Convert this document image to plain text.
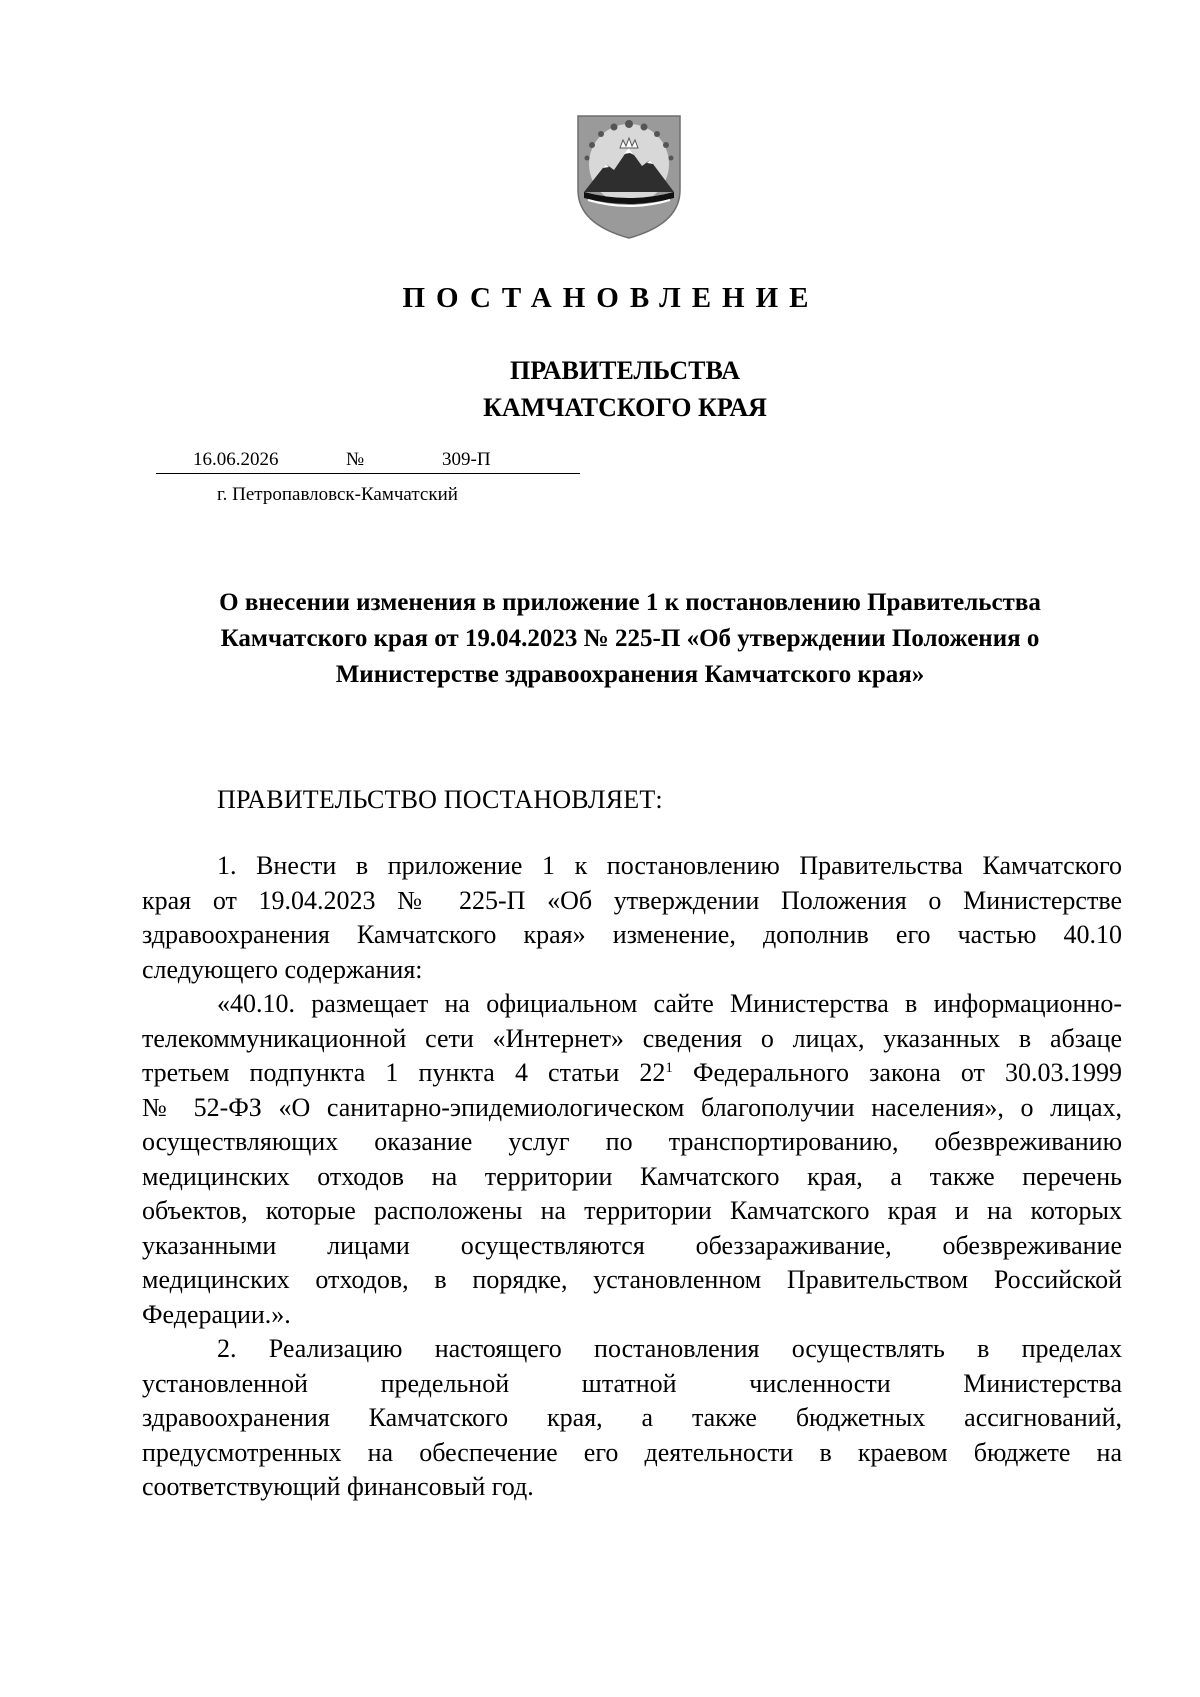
ПОСТАНОВЛЕНИЕ
ПРАВИТЕЛЬСТВА
КАМЧАТСКОГО КРАЯ
16.06.2026	№	309-П
г. Петропавловск-Камчатский
О внесении изменения в приложение 1 к постановлению Правительства
Камчатского края от 19.04.2023 № 225-П «Об утверждении Положения о
Министерстве здравоохранения Камчатского края»
ПРАВИТЕЛЬСТВО ПОСТАНОВЛЯЕТ:

1. Внести в приложение 1 к постановлению Правительства Камчатского
края от 19.04.2023 № 225-П «Об утверждении Положения о Министерстве
здравоохранения Камчатского края» изменение, дополнив его частью 40.10
следующего содержания:

«40.10. размещает на официальном сайте Министерства в информационно-
телекоммуникационной сети «Интернет» сведения о лицах, указанных в абзаце
третьем подпункта 1 пункта 4 статьи $22^1$ Федерального закона от 30.03.1999
№ 52-ФЗ «О санитарно-эпидемиологическом благополучии населения», о лицах,
осуществляющих оказание услуг по транспортированию, обезвреживанию
медицинских отходов на территории Камчатского края, а также перечень
объектов, которые расположены на территории Камчатского края и на которых
указанными лицами осуществляются обеззараживание, обезвреживание
медицинских отходов, в порядке, установленном Правительством Российской
Федерации.».

2. Реализацию настоящего постановления осуществлять в пределах
установленной предельной штатной численности Министерства
здравоохранения Камчатского края, а также бюджетных ассигнований,
предусмотренных на обеспечение его деятельности в краевом бюджете на
соответствующий финансовый год.
